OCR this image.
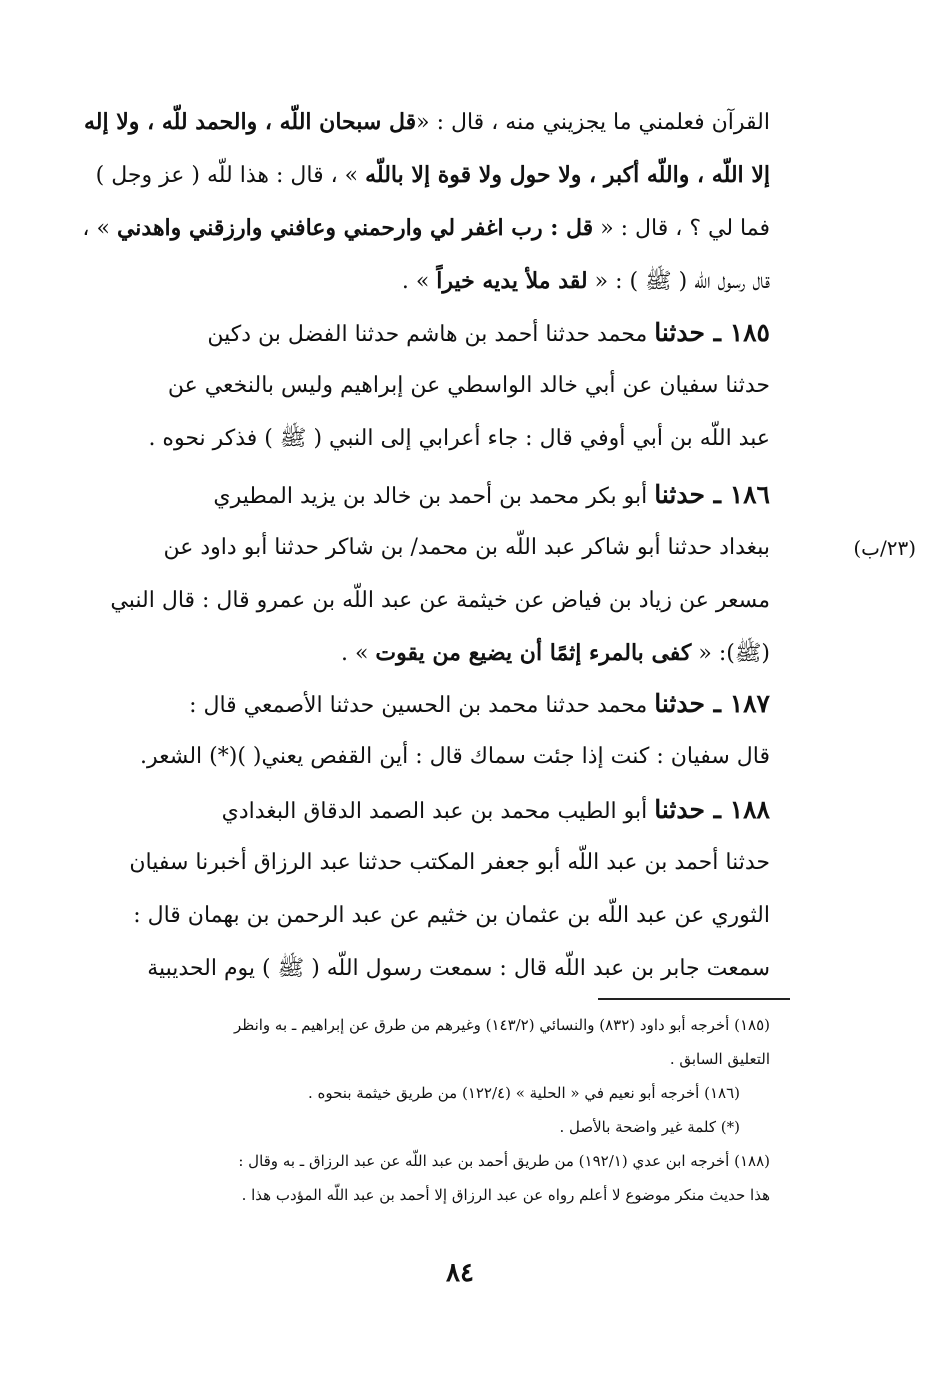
القرآن فعلمني ما يجزيني منه ، قال : «قل سبحان اللّه ، والحمد للّه ، ولا إله
إلا اللّه ، واللّه أكبر ، ولا حول ولا قوة إلا باللّه » ، قال : هذا للّه ( عز وجل )
فما لي ؟ ، قال : « قل : رب اغفر لي وارحمني وعافني وارزقني واهدني » ،
قال رسول اللّه ( ﷺ ) : « لقد ملأ يديه خيراً » .
١٨٥ ـ حدثنا محمد حدثنا أحمد بن هاشم حدثنا الفضل بن دكين
حدثنا سفيان عن أبي خالد الواسطي عن إبراهيم وليس بالنخعي عن
عبد اللّه بن أبي أوفي قال : جاء أعرابي إلى النبي ( ﷺ ) فذكر نحوه .
١٨٦ ـ حدثنا أبو بكر محمد بن أحمد بن خالد بن يزيد المطيري
ببغداد حدثنا أبو شاكر عبد اللّه بن محمد/ بن شاكر حدثنا أبو داود عن
مسعر عن زياد بن فياض عن خيثمة عن عبد اللّه بن عمرو قال : قال النبي
(ﷺ): « كفى بالمرء إثمًا أن يضيع من يقوت » .
١٨٧ ـ حدثنا محمد حدثنا محمد بن الحسين حدثنا الأصمعي قال :
قال سفيان : كنت إذا جئت سماك قال : أين القفص يعني( )(*) الشعر.
١٨٨ ـ حدثنا أبو الطيب محمد بن عبد الصمد الدقاق البغدادي
حدثنا أحمد بن عبد اللّه أبو جعفر المكتب حدثنا عبد الرزاق أخبرنا سفيان
الثوري عن عبد اللّه بن عثمان بن خثيم عن عبد الرحمن بن بهمان قال :
سمعت جابر بن عبد اللّه قال : سمعت رسول اللّه ( ﷺ ) يوم الحديبية
(٢٣/ب)
(١٨٥) أخرجه أبو داود (٨٣٢) والنسائي (١٤٣/٢) وغيرهم من طرق عن إبراهيم ـ به وانظر
التعليق السابق .
(١٨٦) أخرجه أبو نعيم في « الحلية » (١٢٢/٤) من طريق خيثمة بنحوه .
(*) كلمة غير واضحة بالأصل .
(١٨٨) أخرجه ابن عدي (١٩٢/١) من طريق أحمد بن عبد اللّه عن عبد الرزاق ـ به وقال :
هذا حديث منكر موضوع لا أعلم رواه عن عبد الرزاق إلا أحمد بن عبد اللّه المؤدب هذا .
٨٤
